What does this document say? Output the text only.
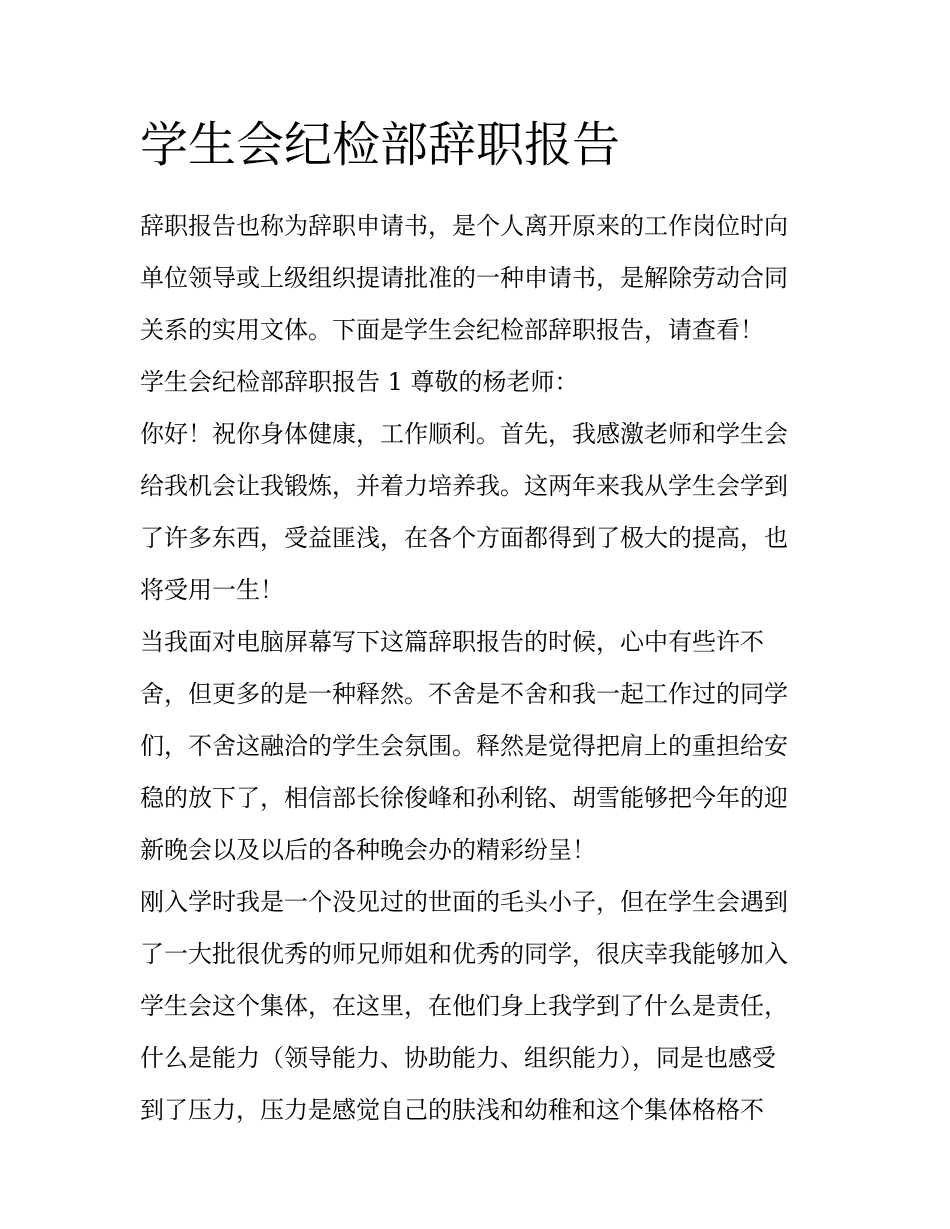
学生会纪检部辞职报告

辞职报告也称为辞职申请书，是个人离开原来的工作岗位时向

单位领导或上级组织提请批准的一种申请书，是解除劳动合同

关系的实用文体。下面是学生会纪检部辞职报告，请查看！

学生会纪检部辞职报告 1 尊敬的杨老师：

你好！祝你身体健康，工作顺利。首先，我感激老师和学生会

给我机会让我锻炼，并着力培养我。这两年来我从学生会学到

了许多东西，受益匪浅，在各个方面都得到了极大的提高，也

将受用一生！

当我面对电脑屏幕写下这篇辞职报告的时候，心中有些许不

舍，但更多的是一种释然。不舍是不舍和我一起工作过的同学

们，不舍这融洽的学生会氛围。释然是觉得把肩上的重担给安

稳的放下了，相信部长徐俊峰和孙利铭、胡雪能够把今年的迎

新晚会以及以后的各种晚会办的精彩纷呈！

刚入学时我是一个没见过的世面的毛头小子，但在学生会遇到

了一大批很优秀的师兄师姐和优秀的同学，很庆幸我能够加入

学生会这个集体，在这里，在他们身上我学到了什么是责任，

什么是能力（领导能力、协助能力、组织能力），同是也感受

到了压力，压力是感觉自己的肤浅和幼稚和这个集体格格不
